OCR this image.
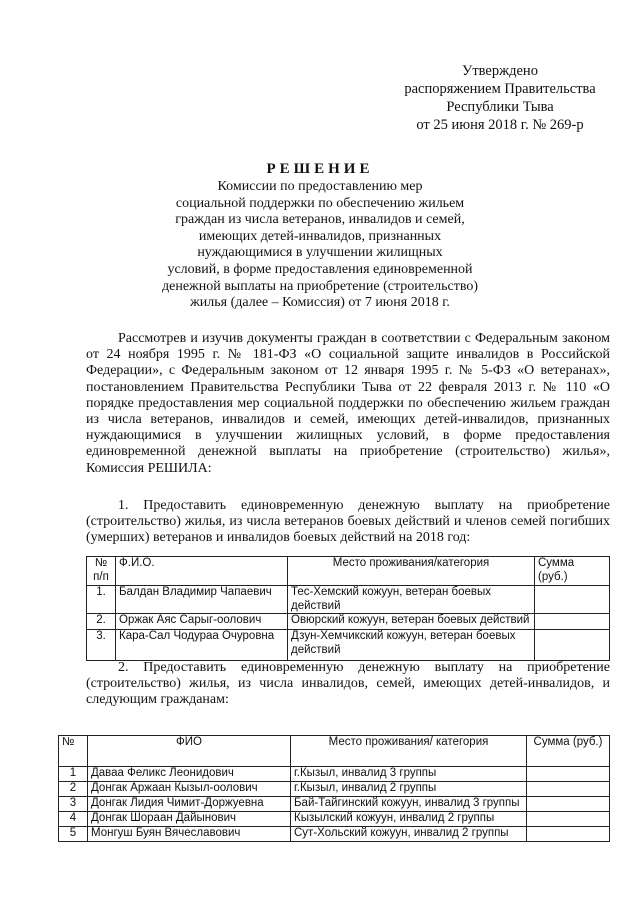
Утверждено
распоряжением Правительства
Республики Тыва
от 25 июня 2018 г. № 269-р
РЕШЕНИЕ
Комиссии по предоставлению мер
социальной поддержки по обеспечению жильем
граждан из числа ветеранов, инвалидов и семей,
имеющих детей-инвалидов, признанных
нуждающимися в улучшении жилищных
условий, в форме предоставления единовременной
денежной выплаты на приобретение (строительство)
жилья (далее – Комиссия) от 7 июня 2018 г.
Рассмотрев и изучив документы граждан в соответствии с Федеральным законом от 24 ноября 1995 г. № 181-ФЗ «О социальной защите инвалидов в Российской Федерации», с Федеральным законом от 12 января 1995 г. № 5-ФЗ «О ветеранах», постановлением Правительства Республики Тыва от 22 февраля 2013 г. № 110 «О порядке предоставления мер социальной поддержки по обеспечению жильем граждан из числа ветеранов, инвалидов и семей, имеющих детей-инвалидов, признанных нуждающимися в улучшении жилищных условий, в форме предоставления единовременной денежной выплаты на приобретение (строительство) жилья», Комиссия РЕШИЛА:
1. Предоставить единовременную денежную выплату на приобретение (строительство) жилья, из числа ветеранов боевых действий и членов семей погибших (умерших) ветеранов и инвалидов боевых действий на 2018 год:
№ п/п	Ф.И.О.	Место проживания/категория	Сумма (руб.)
1.	Балдан Владимир Чапаевич	Тес-Хемский кожуун, ветеран боевых действий	
2.	Оржак Аяс Сарыг-оолович	Овюрский кожуун, ветеран боевых действий	
3.	Кара-Сал Чодураа Очуровна	Дзун-Хемчикский кожуун, ветеран боевых действий	
2. Предоставить единовременную денежную выплату на приобретение (строительство) жилья, из числа инвалидов, семей, имеющих детей-инвалидов, и следующим гражданам:
№	ФИО	Место проживания/ категория	Сумма (руб.)
1	Даваа Феликс Леонидович	г.Кызыл, инвалид 3 группы	
2	Донгак Аржаан Кызыл-оолович	г.Кызыл, инвалид 2 группы	
3	Донгак Лидия Чимит-Доржуевна	Бай-Тайгинский кожуун, инвалид 3 группы	
4	Донгак Шораан Дайынович	Кызылский кожуун, инвалид 2 группы	
5	Монгуш Буян Вячеславович	Сут-Хольский кожуун, инвалид 2 группы	
